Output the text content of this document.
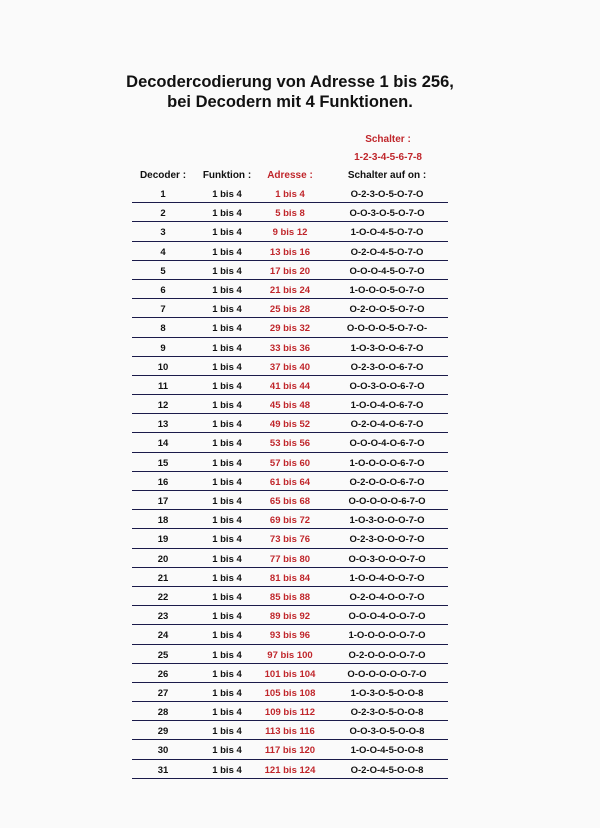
Decodercodierung von Adresse 1 bis 256,
bei Decodern mit 4 Funktionen.
Schalter :
1-2-3-4-5-6-7-8
Decoder :	Funktion :	Adresse :	Schalter auf on :
1	1 bis 4	1 bis 4	O-2-3-O-5-O-7-O
2	1 bis 4	5 bis 8	O-O-3-O-5-O-7-O
3	1 bis 4	9 bis 12	1-O-O-4-5-O-7-O
4	1 bis 4	13 bis 16	O-2-O-4-5-O-7-O
5	1 bis 4	17 bis 20	O-O-O-4-5-O-7-O
6	1 bis 4	21 bis 24	1-O-O-O-5-O-7-O
7	1 bis 4	25 bis 28	O-2-O-O-5-O-7-O
8	1 bis 4	29 bis 32	O-O-O-O-5-O-7-O-
9	1 bis 4	33 bis 36	1-O-3-O-O-6-7-O
10	1 bis 4	37 bis 40	O-2-3-O-O-6-7-O
11	1 bis 4	41 bis 44	O-O-3-O-O-6-7-O
12	1 bis 4	45 bis 48	1-O-O-4-O-6-7-O
13	1 bis 4	49 bis 52	O-2-O-4-O-6-7-O
14	1 bis 4	53 bis 56	O-O-O-4-O-6-7-O
15	1 bis 4	57 bis 60	1-O-O-O-O-6-7-O
16	1 bis 4	61 bis 64	O-2-O-O-O-6-7-O
17	1 bis 4	65 bis 68	O-O-O-O-O-6-7-O
18	1 bis 4	69 bis 72	1-O-3-O-O-O-7-O
19	1 bis 4	73 bis 76	O-2-3-O-O-O-7-O
20	1 bis 4	77 bis 80	O-O-3-O-O-O-7-O
21	1 bis 4	81 bis 84	1-O-O-4-O-O-7-O
22	1 bis 4	85 bis 88	O-2-O-4-O-O-7-O
23	1 bis 4	89 bis 92	O-O-O-4-O-O-7-O
24	1 bis 4	93 bis 96	1-O-O-O-O-O-7-O
25	1 bis 4	97 bis 100	O-2-O-O-O-O-7-O
26	1 bis 4	101 bis 104	O-O-O-O-O-O-7-O
27	1 bis 4	105 bis 108	1-O-3-O-5-O-O-8
28	1 bis 4	109 bis 112	O-2-3-O-5-O-O-8
29	1 bis 4	113 bis 116	O-O-3-O-5-O-O-8
30	1 bis 4	117 bis 120	1-O-O-4-5-O-O-8
31	1 bis 4	121 bis 124	O-2-O-4-5-O-O-8
